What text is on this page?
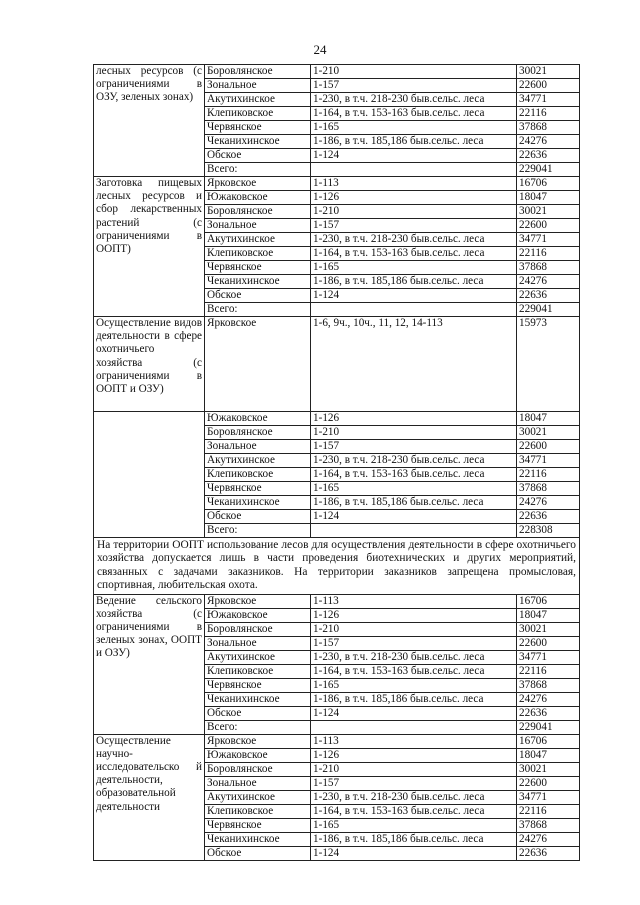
24
лесных ресурсов (с ограничениями в ОЗУ, зеленых зонах)	Боровлянское	1-210	30021
	Зональное	1-157	22600
	Акутихинское	1-230, в т.ч. 218-230 быв.сельс. леса	34771
	Клепиковское	1-164, в т.ч. 153-163 быв.сельс. леса	22116
	Червянское	1-165	37868
	Чеканихинское	1-186, в т.ч. 185,186 быв.сельс. леса	24276
	Обское	1-124	22636
	Всего:		229041
Заготовка пищевых лесных ресурсов и сбор лекарственных растений (с ограничениями в ООПТ)	Ярковское	1-113	16706
	Южаковское	1-126	18047
	Боровлянское	1-210	30021
	Зональное	1-157	22600
	Акутихинское	1-230, в т.ч. 218-230 быв.сельс. леса	34771
	Клепиковское	1-164, в т.ч. 153-163 быв.сельс. леса	22116
	Червянское	1-165	37868
	Чеканихинское	1-186, в т.ч. 185,186 быв.сельс. леса	24276
	Обское	1-124	22636
	Всего:		229041
Осуществление видов деятельности в сфере охотничьего хозяйства (с ограничениями в ООПТ и ОЗУ)	Ярковское	1-6, 9ч., 10ч., 11, 12, 14-113	15973
	Южаковское	1-126	18047
	Боровлянское	1-210	30021
	Зональное	1-157	22600
	Акутихинское	1-230, в т.ч. 218-230 быв.сельс. леса	34771
	Клепиковское	1-164, в т.ч. 153-163 быв.сельс. леса	22116
	Червянское	1-165	37868
	Чеканихинское	1-186, в т.ч. 185,186 быв.сельс. леса	24276
	Обское	1-124	22636
	Всего:		228308
На территории ООПТ использование лесов для осуществления деятельности в сфере охотничьего хозяйства допускается лишь в части проведения биотехнических и других мероприятий, связанных с задачами заказников. На территории заказников запрещена промысловая, спортивная, любительская охота.			
Ведение сельского хозяйства (с ограничениями в зеленых зонах, ООПТ и ОЗУ)	Ярковское	1-113	16706
	Южаковское	1-126	18047
	Боровлянское	1-210	30021
	Зональное	1-157	22600
	Акутихинское	1-230, в т.ч. 218-230 быв.сельс. леса	34771
	Клепиковское	1-164, в т.ч. 153-163 быв.сельс. леса	22116
	Червянское	1-165	37868
	Чеканихинское	1-186, в т.ч. 185,186 быв.сельс. леса	24276
	Обское	1-124	22636
	Всего:		229041
Осуществление научно-исследовательско й деятельности, образовательной деятельности	Ярковское	1-113	16706
	Южаковское	1-126	18047
	Боровлянское	1-210	30021
	Зональное	1-157	22600
	Акутихинское	1-230, в т.ч. 218-230 быв.сельс. леса	34771
	Клепиковское	1-164, в т.ч. 153-163 быв.сельс. леса	22116
	Червянское	1-165	37868
	Чеканихинское	1-186, в т.ч. 185,186 быв.сельс. леса	24276
	Обское	1-124	22636
